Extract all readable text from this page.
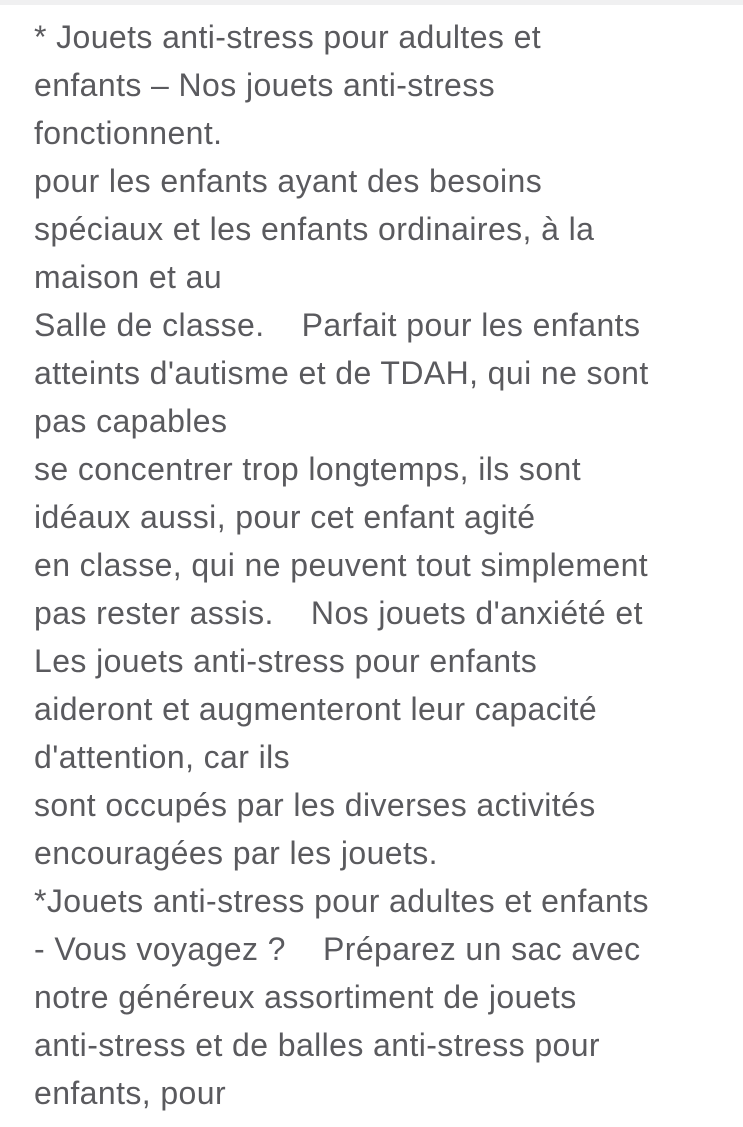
* Jouets anti-stress pour adultes et
enfants – Nos jouets anti-stress
fonctionnent.
pour les enfants ayant des besoins
spéciaux et les enfants ordinaires, à la
maison et au
Salle de classe.    Parfait pour les enfants
atteints d'autisme et de TDAH, qui ne sont
pas capables
se concentrer trop longtemps, ils sont
idéaux aussi, pour cet enfant agité
en classe, qui ne peuvent tout simplement
pas rester assis.    Nos jouets d'anxiété et
Les jouets anti-stress pour enfants
aideront et augmenteront leur capacité
d'attention, car ils
sont occupés par les diverses activités
encouragées par les jouets.
*Jouets anti-stress pour adultes et enfants
- Vous voyagez ?    Préparez un sac avec
notre généreux assortiment de jouets
anti-stress et de balles anti-stress pour
enfants, pour
